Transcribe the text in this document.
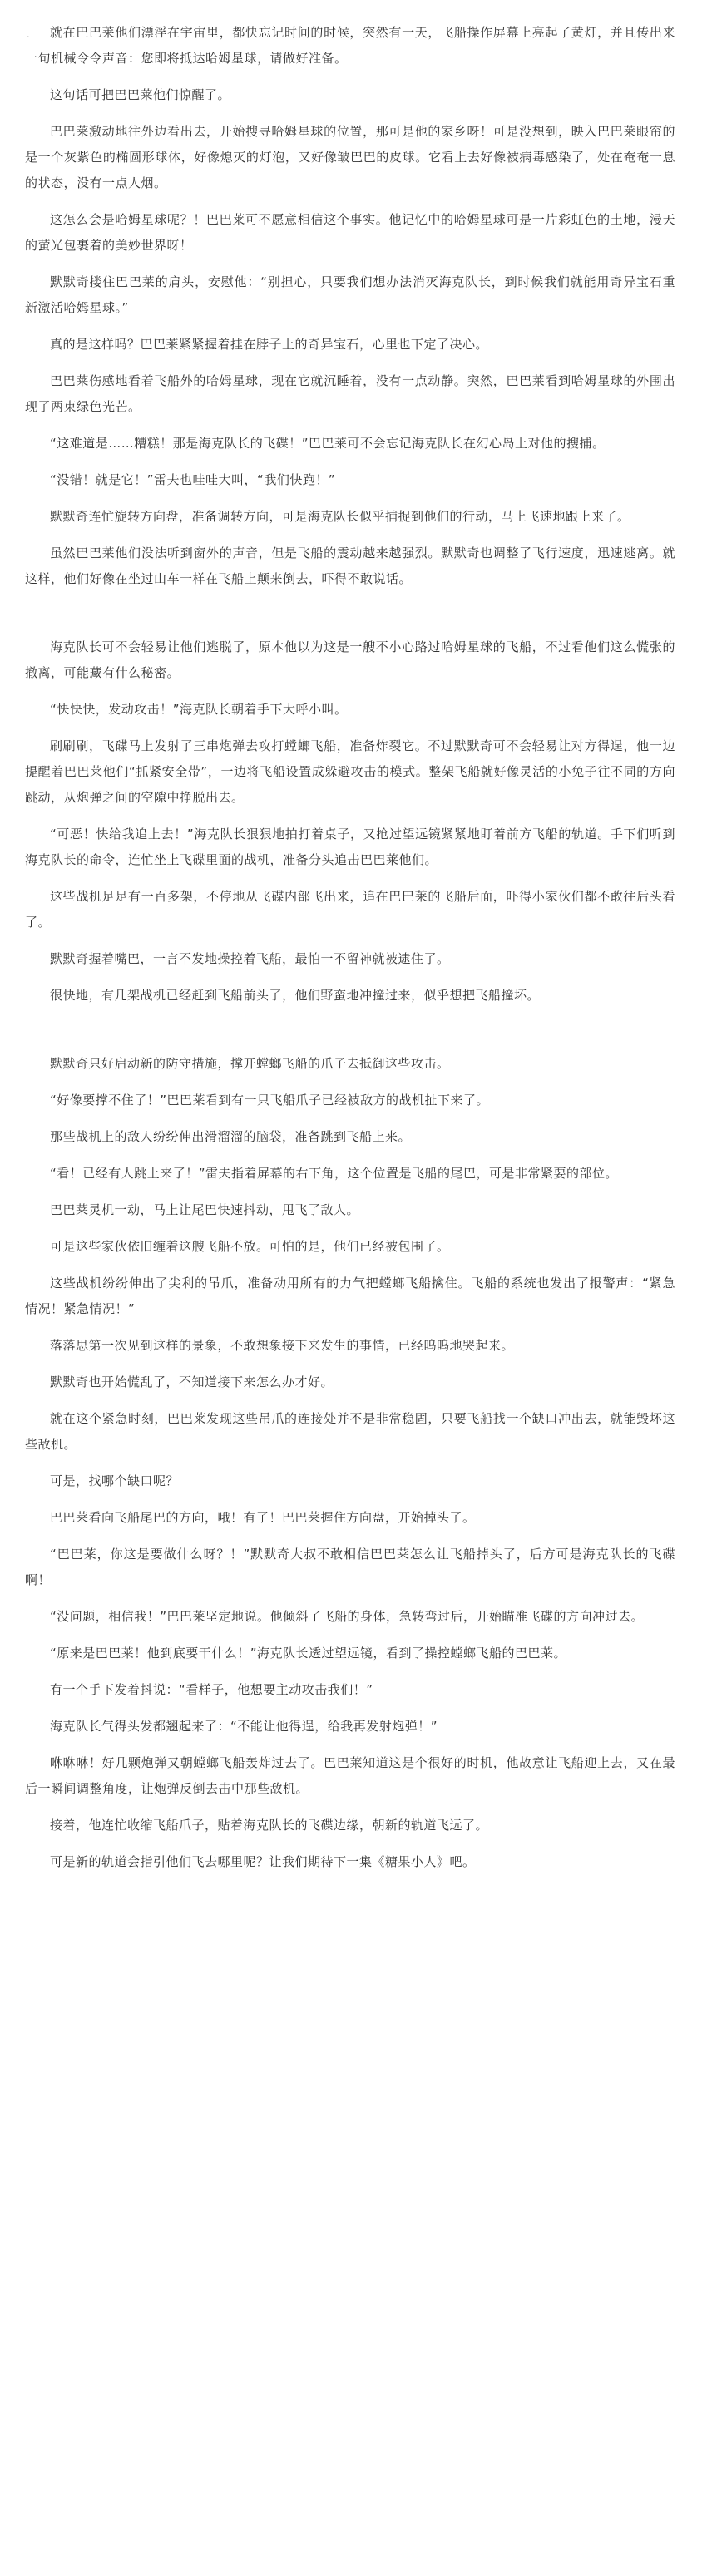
.	就在巴巴莱他们漂浮在宇宙里，都快忘记时间的时候，突然有一天，飞船操作屏幕上亮起了黄灯，并且传出来一句机械令令声音：您即将抵达哈姆星球，请做好准备。

这句话可把巴巴莱他们惊醒了。

巴巴莱激动地往外边看出去，开始搜寻哈姆星球的位置，那可是他的家乡呀！可是没想到，映入巴巴莱眼帘的是一个灰紫色的椭圆形球体，好像熄灭的灯泡，又好像皱巴巴的皮球。它看上去好像被病毒感染了，处在奄奄一息的状态，没有一点人烟。

这怎么会是哈姆星球呢？！巴巴莱可不愿意相信这个事实。他记忆中的哈姆星球可是一片彩虹色的土地，漫天的萤光包裹着的美妙世界呀！

默默奇搂住巴巴莱的肩头，安慰他：“别担心，只要我们想办法消灭海克队长，到时候我们就能用奇异宝石重新激活哈姆星球。”

真的是这样吗？巴巴莱紧紧握着挂在脖子上的奇异宝石，心里也下定了决心。

巴巴莱伤感地看着飞船外的哈姆星球，现在它就沉睡着，没有一点动静。突然，巴巴莱看到哈姆星球的外围出现了两束绿色光芒。

“这难道是……糟糕！那是海克队长的飞碟！”巴巴莱可不会忘记海克队长在幻心岛上对他的搜捕。

“没错！就是它！”雷夫也哇哇大叫，“我们快跑！”

默默奇连忙旋转方向盘，准备调转方向，可是海克队长似乎捕捉到他们的行动，马上飞速地跟上来了。

虽然巴巴莱他们没法听到窗外的声音，但是飞船的震动越来越强烈。默默奇也调整了飞行速度，迅速逃离。就这样，他们好像在坐过山车一样在飞船上颠来倒去，吓得不敢说话。

海克队长可不会轻易让他们逃脱了，原本他以为这是一艘不小心路过哈姆星球的飞船，不过看他们这么慌张的撤离，可能藏有什么秘密。

“快快快，发动攻击！”海克队长朝着手下大呼小叫。

刷刷刷，飞碟马上发射了三串炮弹去攻打螳螂飞船，准备炸裂它。不过默默奇可不会轻易让对方得逞，他一边提醒着巴巴莱他们“抓紧安全带”，一边将飞船设置成躲避攻击的模式。整架飞船就好像灵活的小兔子往不同的方向跳动，从炮弹之间的空隙中挣脱出去。

“可恶！快给我追上去！”海克队长狠狠地拍打着桌子，又抢过望远镜紧紧地盯着前方飞船的轨道。手下们听到海克队长的命令，连忙坐上飞碟里面的战机，准备分头追击巴巴莱他们。

这些战机足足有一百多架，不停地从飞碟内部飞出来，追在巴巴莱的飞船后面，吓得小家伙们都不敢往后头看了。

默默奇握着嘴巴，一言不发地操控着飞船，最怕一不留神就被逮住了。

很快地，有几架战机已经赶到飞船前头了，他们野蛮地冲撞过来，似乎想把飞船撞坏。

默默奇只好启动新的防守措施，撑开螳螂飞船的爪子去抵御这些攻击。

“好像要撑不住了！”巴巴莱看到有一只飞船爪子已经被敌方的战机扯下来了。

那些战机上的敌人纷纷伸出滑溜溜的脑袋，准备跳到飞船上来。

“看！已经有人跳上来了！”雷夫指着屏幕的右下角，这个位置是飞船的尾巴，可是非常紧要的部位。

巴巴莱灵机一动，马上让尾巴快速抖动，甩飞了敌人。

可是这些家伙依旧缠着这艘飞船不放。可怕的是，他们已经被包围了。

这些战机纷纷伸出了尖利的吊爪，准备动用所有的力气把螳螂飞船擒住。飞船的系统也发出了报警声：“紧急情况！紧急情况！”

落落思第一次见到这样的景象，不敢想象接下来发生的事情，已经呜呜地哭起来。

默默奇也开始慌乱了，不知道接下来怎么办才好。

就在这个紧急时刻，巴巴莱发现这些吊爪的连接处并不是非常稳固，只要飞船找一个缺口冲出去，就能毁坏这些敌机。

可是，找哪个缺口呢？

巴巴莱看向飞船尾巴的方向，哦！有了！巴巴莱握住方向盘，开始掉头了。

“巴巴莱，你这是要做什么呀？！”默默奇大叔不敢相信巴巴莱怎么让飞船掉头了，后方可是海克队长的飞碟啊！

“没问题，相信我！”巴巴莱坚定地说。他倾斜了飞船的身体，急转弯过后，开始瞄准飞碟的方向冲过去。

“原来是巴巴莱！他到底要干什么！”海克队长透过望远镜，看到了操控螳螂飞船的巴巴莱。

有一个手下发着抖说：“看样子，他想要主动攻击我们！”

海克队长气得头发都翘起来了：“不能让他得逞，给我再发射炮弹！”

咻咻咻！好几颗炮弹又朝螳螂飞船轰炸过去了。巴巴莱知道这是个很好的时机，他故意让飞船迎上去，又在最后一瞬间调整角度，让炮弹反倒去击中那些敌机。

接着，他连忙收缩飞船爪子，贴着海克队长的飞碟边缘，朝新的轨道飞远了。

可是新的轨道会指引他们飞去哪里呢？让我们期待下一集《糖果小人》吧。
